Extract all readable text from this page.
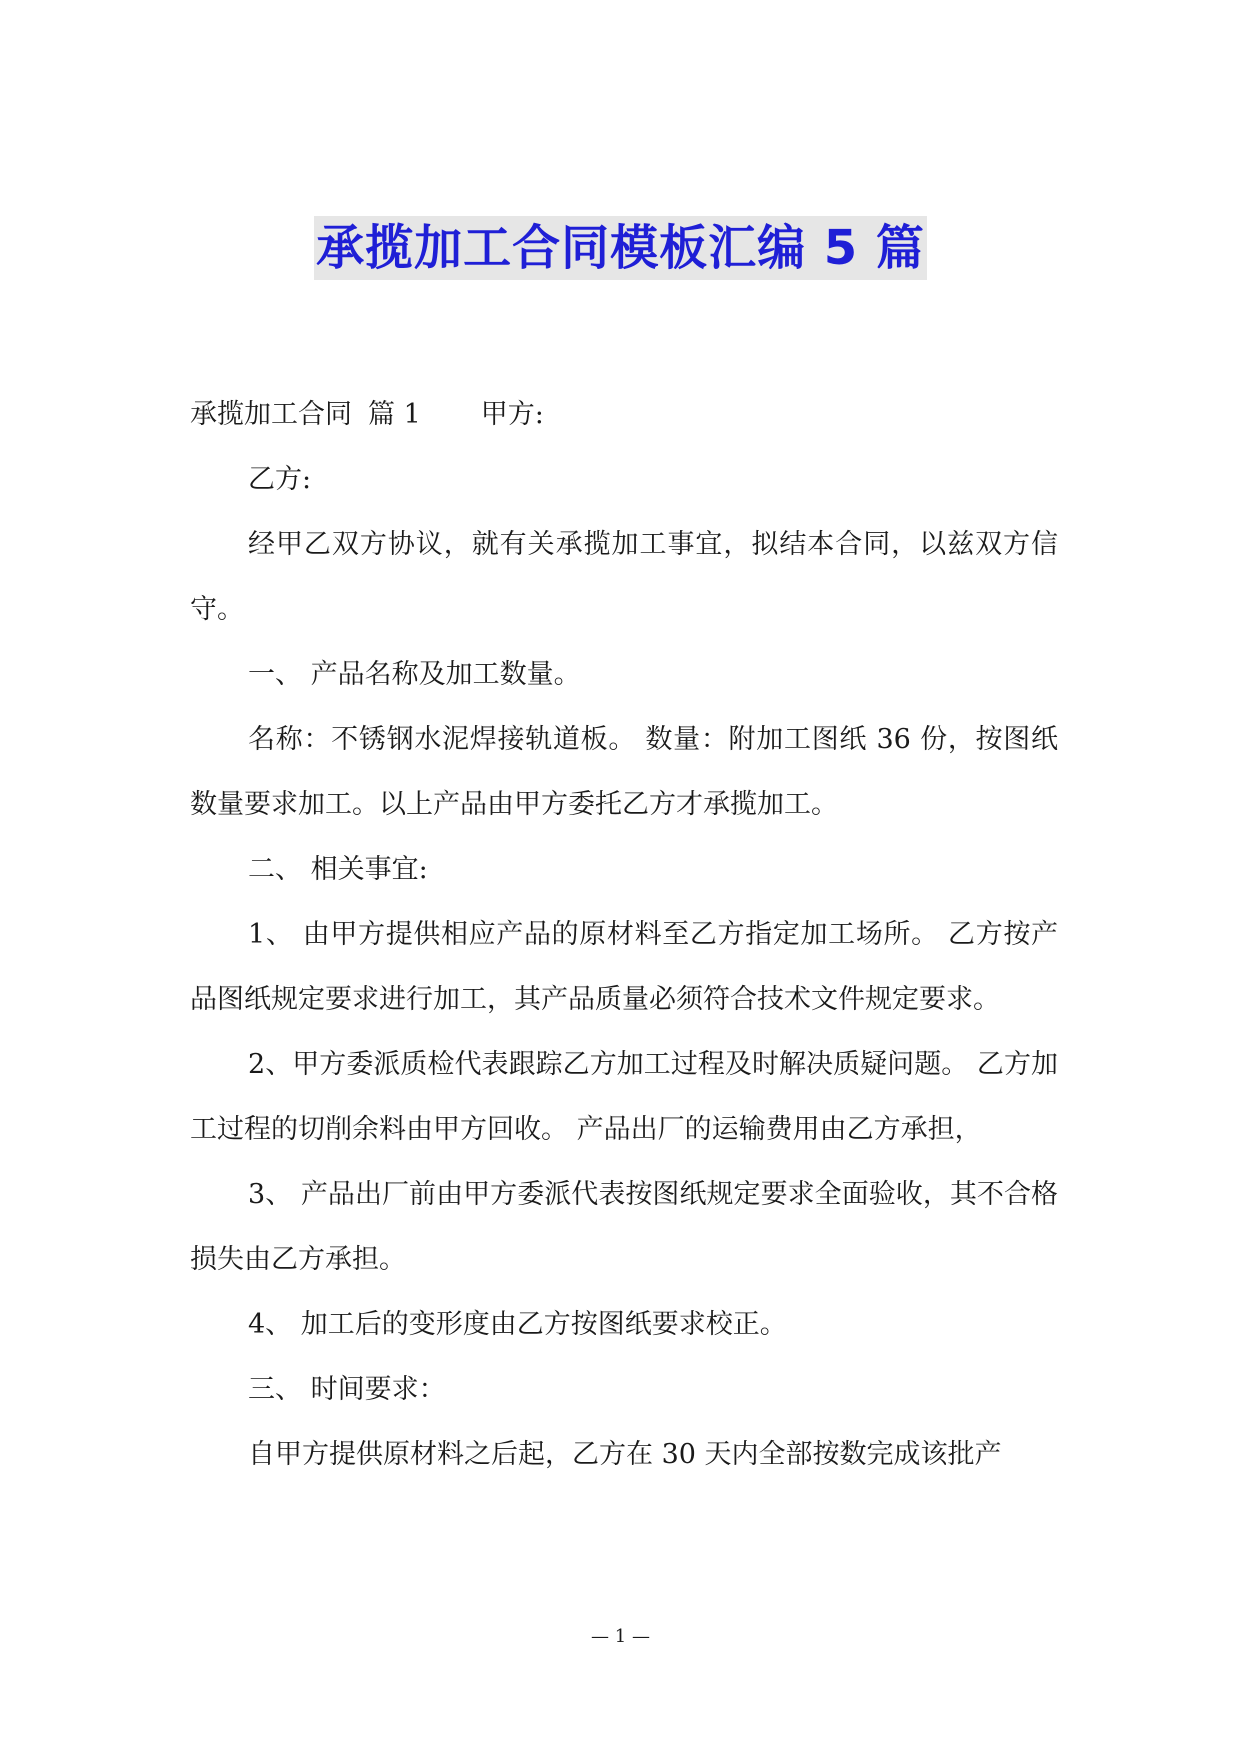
承揽加工合同模板汇编 5 篇

承揽加工合同 篇 1 甲方:

乙方:

经甲乙双方协议，就有关承揽加工事宜，拟结本合同，以兹双方信守。

一、 产品名称及加工数量。

名称：不锈钢水泥焊接轨道板。 数量：附加工图纸 36 份，按图纸数量要求加工。以上产品由甲方委托乙方才承揽加工。

二、 相关事宜:

1、 由甲方提供相应产品的原材料至乙方指定加工场所。 乙方按产品图纸规定要求进行加工，其产品质量必须符合技术文件规定要求。

2、甲方委派质检代表跟踪乙方加工过程及时解决质疑问题。 乙方加工过程的切削余料由甲方回收。 产品出厂的运输费用由乙方承担，

3、 产品出厂前由甲方委派代表按图纸规定要求全面验收，其不合格损失由乙方承担。

4、 加工后的变形度由乙方按图纸要求校正。

三、 时间要求：

自甲方提供原材料之后起，乙方在 30 天内全部按数完成该批产

— 1 —
